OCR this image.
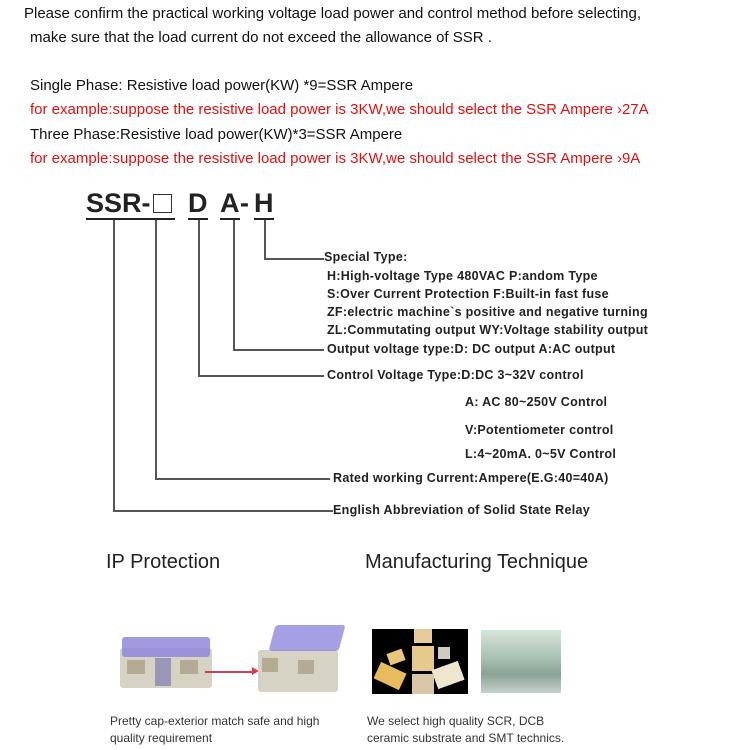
Please confirm the practical working voltage load power and control method before selecting,
make sure that the load current do not exceed the allowance of SSR .
Single Phase: Resistive load power(KW) *9=SSR Ampere
for example:suppose the resistive load power is 3KW,we should select the SSR Ampere ›27A
Three Phase:Resistive load power(KW)*3=SSR Ampere
for example:suppose the resistive load power is 3KW,we should select the SSR Ampere ›9A
SSR- D A - H
Special Type:
H:High-voltage Type 480VAC P:andom Type
S:Over Current Protection F:Built-in fast fuse
ZF:electric machine`s positive and negative turning
ZL:Commutating output WY:Voltage stability output
Output voltage type:D: DC output A:AC output
Control Voltage Type:D:DC 3~32V control
A: AC 80~250V Control
V:Potentiometer control
L:4~20mA. 0~5V Control
Rated working Current:Ampere(E.G:40=40A)
English Abbreviation of Solid State Relay
IP Protection	Manufacturing Technique
Pretty cap-exterior match safe and high quality requirement
We select high quality SCR, DCB ceramic substrate and SMT technics.
